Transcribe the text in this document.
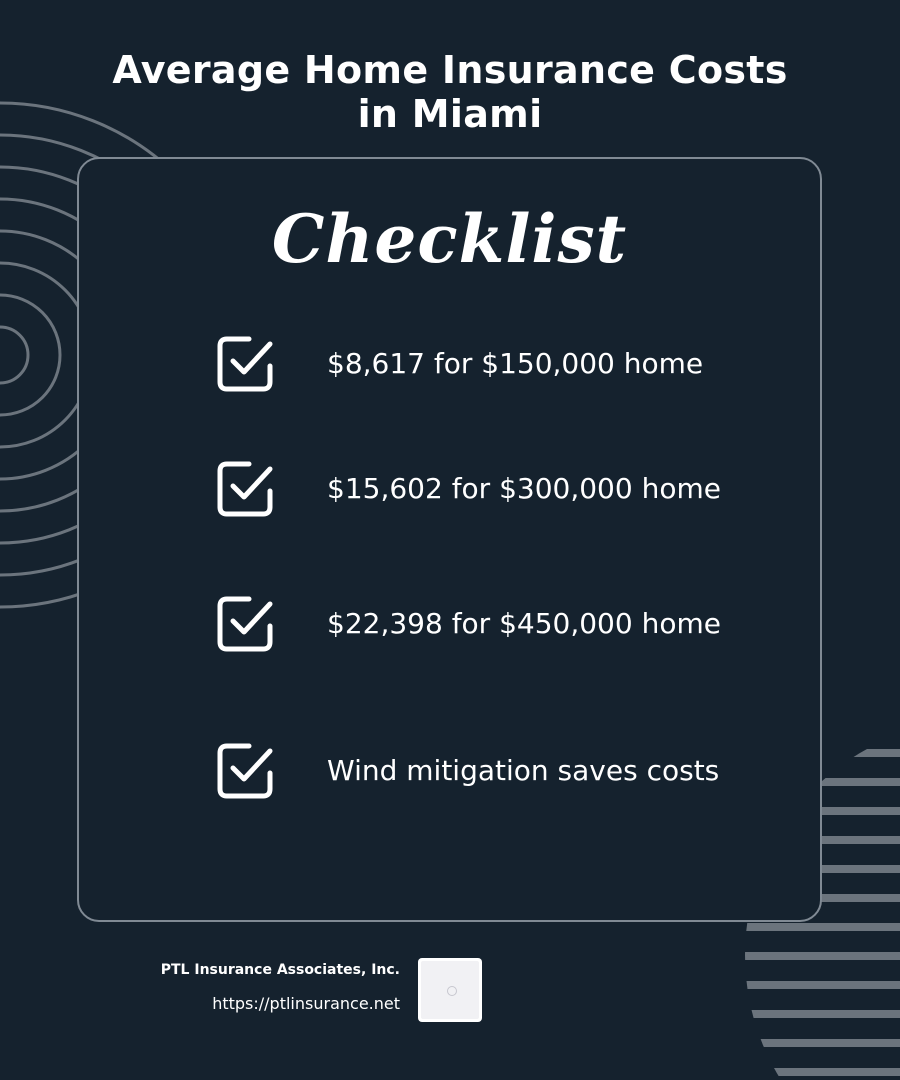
Average Home Insurance Costs
in Miami
Checklist
$8,617 for $150,000 home
$15,602 for $300,000 home
$22,398 for $450,000 home
Wind mitigation saves costs
PTL Insurance Associates, Inc.
https://ptlinsurance.net
